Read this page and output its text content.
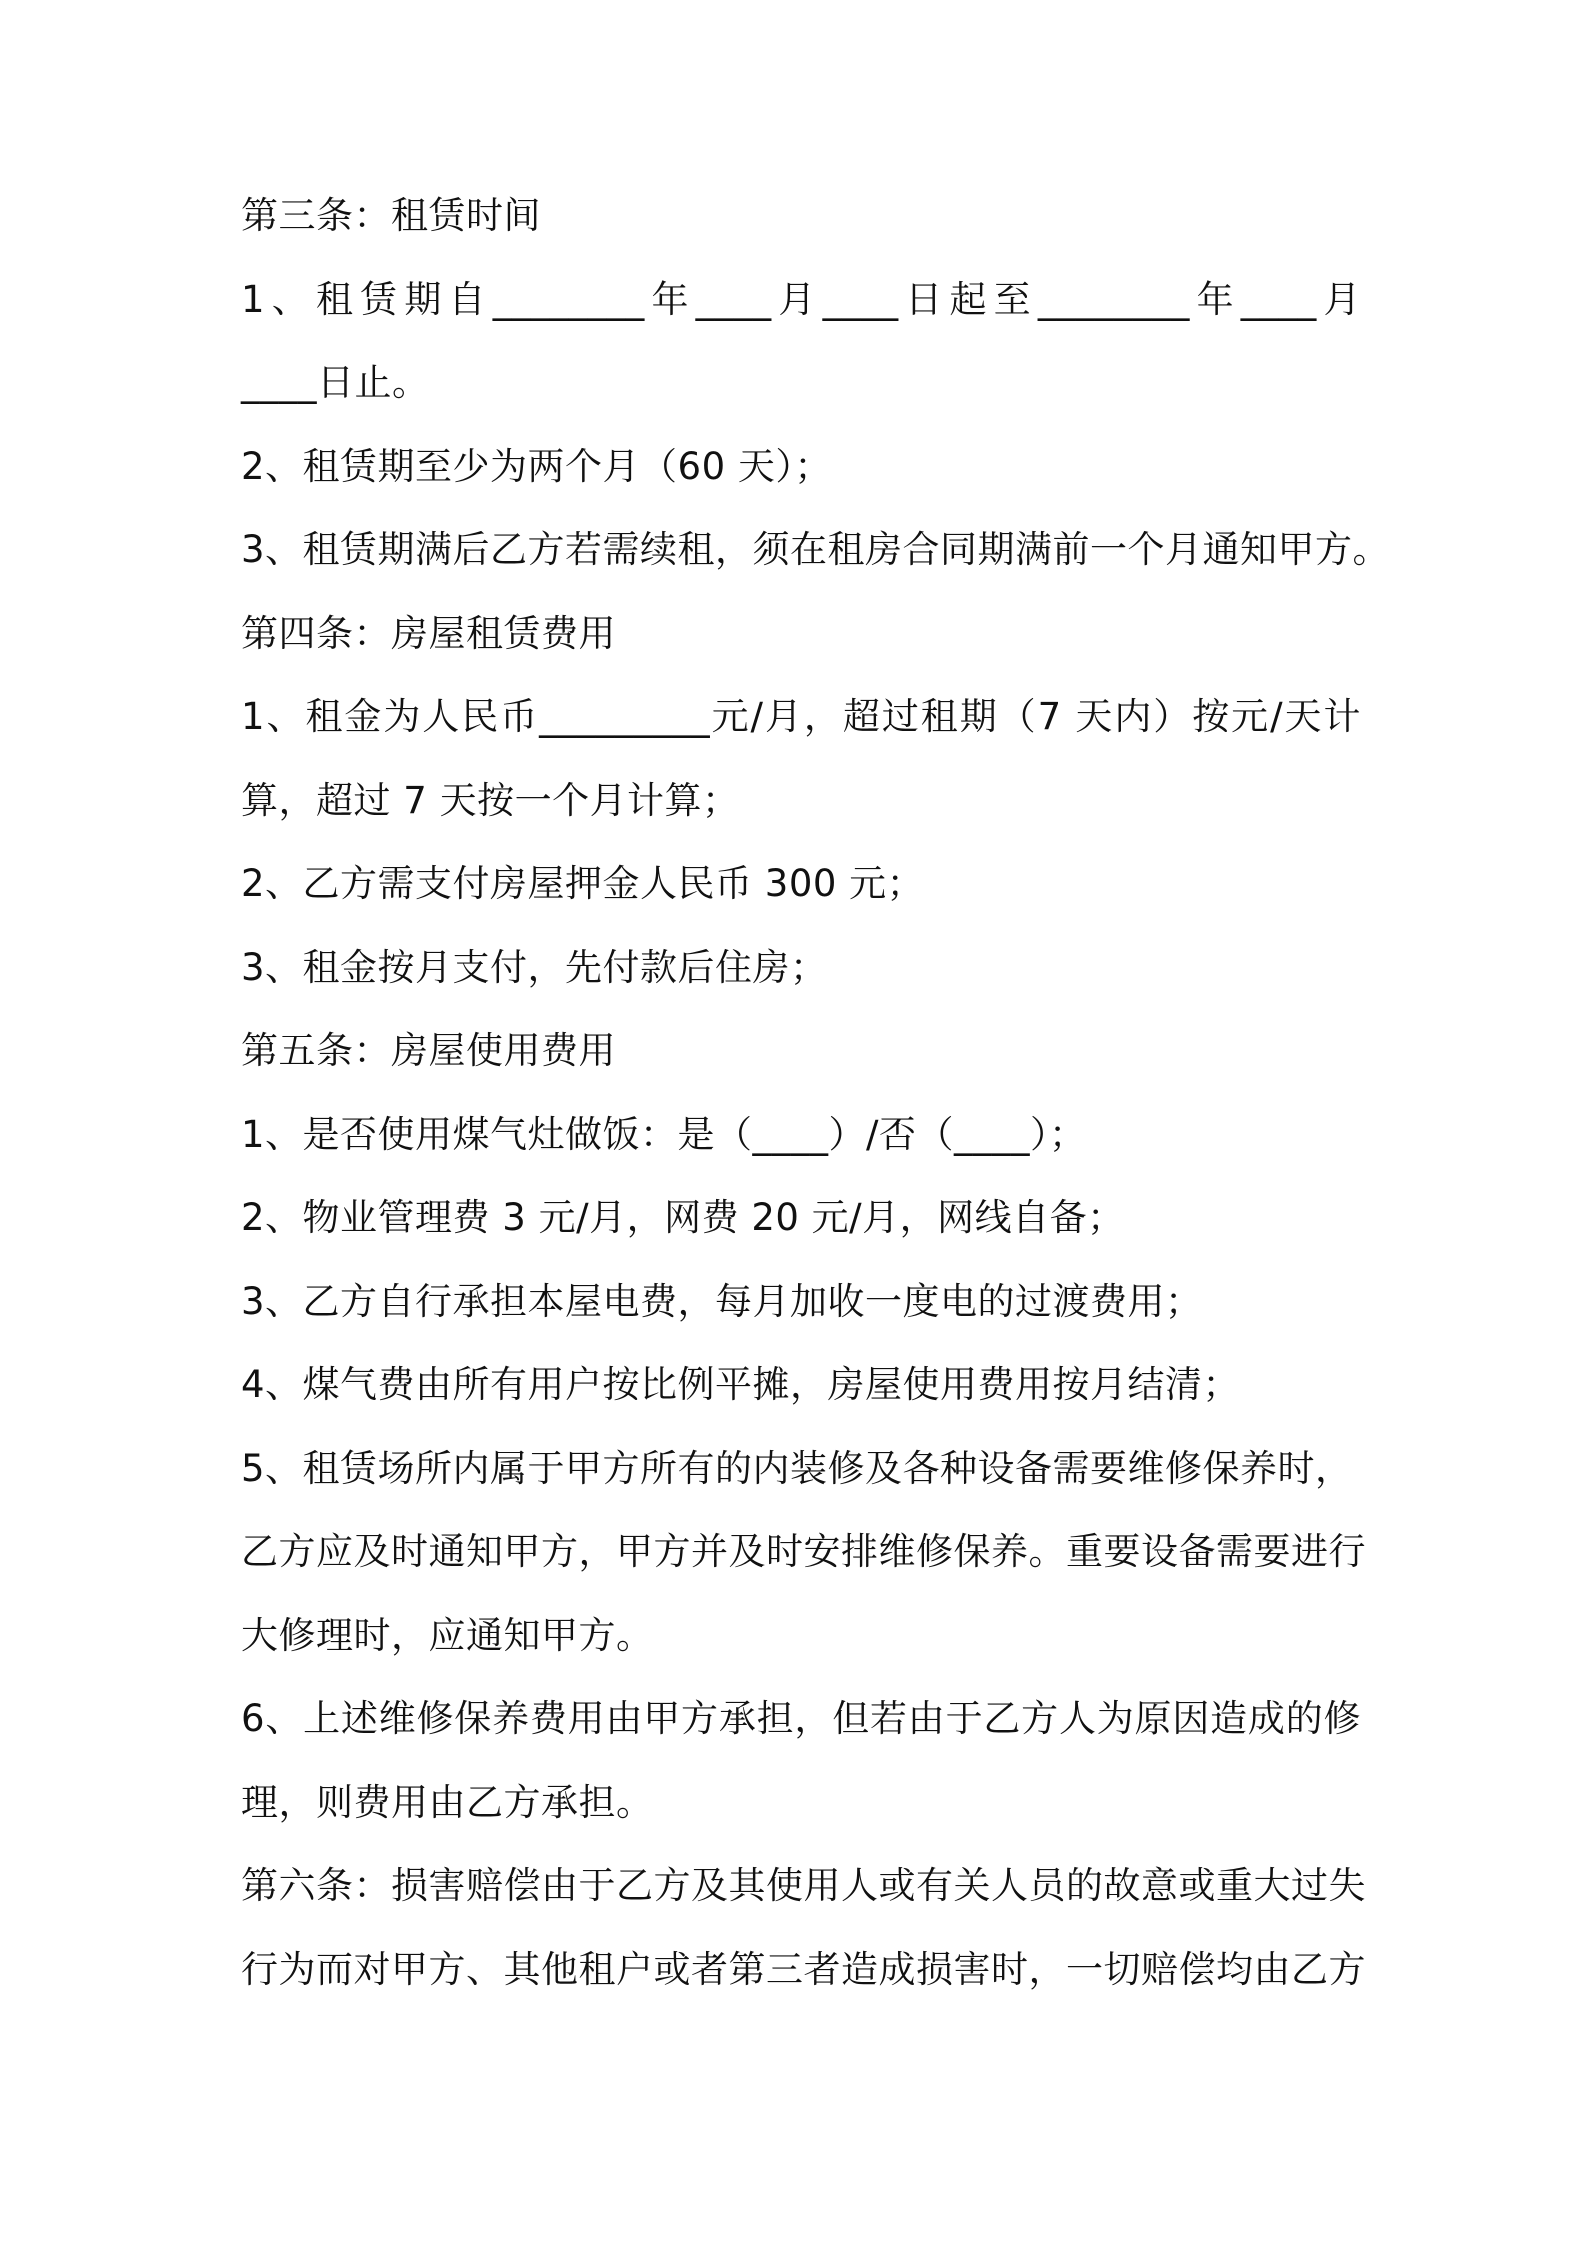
第三条：租赁时间
1、租赁期自________年____月____日起至________年____月
____日止。
2、租赁期至少为两个月（60 天）；
3、租赁期满后乙方若需续租，须在租房合同期满前一个月通知甲方。
第四条：房屋租赁费用
1、租金为人民币_________元/月，超过租期（7 天内）按元/天计
算，超过 7 天按一个月计算；
2、乙方需支付房屋押金人民币 300 元；
3、租金按月支付，先付款后住房；
第五条：房屋使用费用
1、是否使用煤气灶做饭：是（____）/否（____）；
2、物业管理费 3 元/月，网费 20 元/月，网线自备；
3、乙方自行承担本屋电费，每月加收一度电的过渡费用；
4、煤气费由所有用户按比例平摊，房屋使用费用按月结清；
5、租赁场所内属于甲方所有的内装修及各种设备需要维修保养时，
乙方应及时通知甲方，甲方并及时安排维修保养。重要设备需要进行
大修理时，应通知甲方。
6、上述维修保养费用由甲方承担，但若由于乙方人为原因造成的修
理，则费用由乙方承担。
第六条：损害赔偿由于乙方及其使用人或有关人员的故意或重大过失
行为而对甲方、其他租户或者第三者造成损害时，一切赔偿均由乙方
